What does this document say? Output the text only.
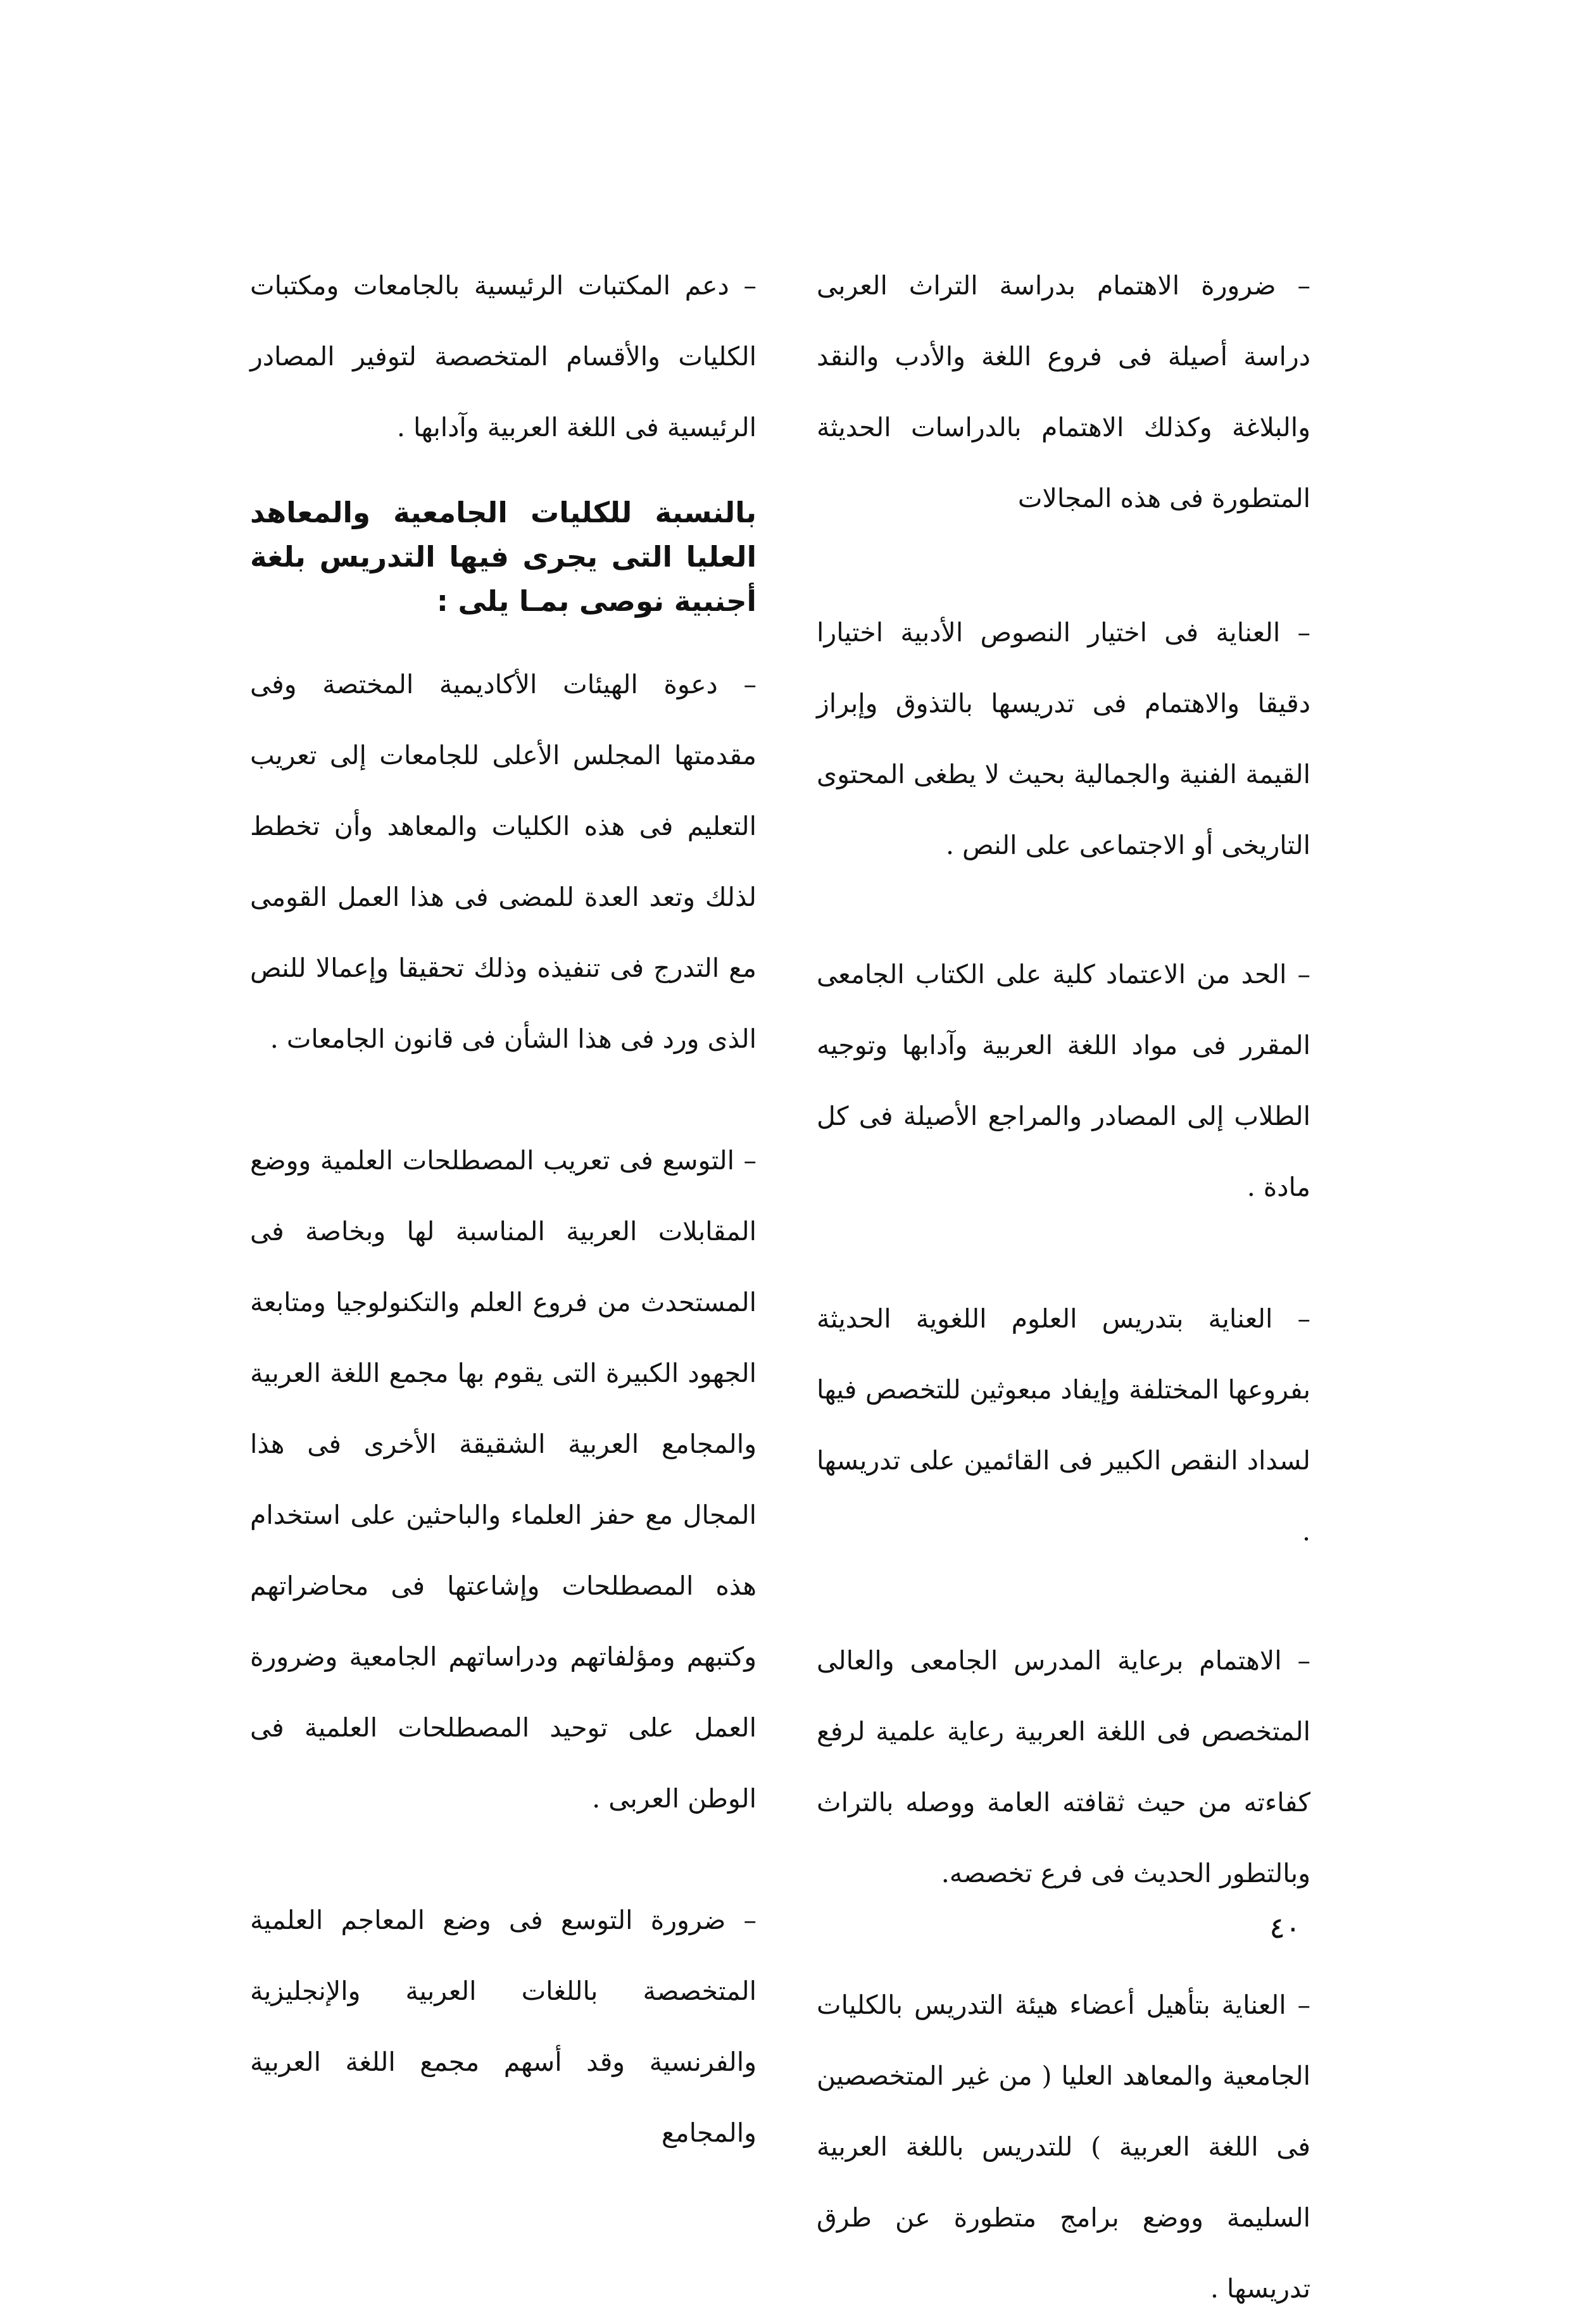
– ضرورة الاهتمام بدراسة التراث العربى دراسة أصيلة فى فروع اللغة والأدب والنقد والبلاغة وكذلك الاهتمام بالدراسات الحديثة المتطورة فى هذه المجالات

– العناية فى اختيار النصوص الأدبية اختيارا دقيقا والاهتمام فى تدريسها بالتذوق وإبراز القيمة الفنية والجمالية بحيث لا يطغى المحتوى التاريخى أو الاجتماعى على النص .

– الحد من الاعتماد كلية على الكتاب الجامعى المقرر فى مواد اللغة العربية وآدابها وتوجيه الطلاب إلى المصادر والمراجع الأصيلة فى كل مادة .

– العناية بتدريس العلوم اللغوية الحديثة بفروعها المختلفة وإيفاد مبعوثين للتخصص فيها لسداد النقص الكبير فى القائمين على تدريسها .

– الاهتمام برعاية المدرس الجامعى والعالى المتخصص فى اللغة العربية رعاية علمية لرفع كفاءته من حيث ثقافته العامة ووصله بالتراث وبالتطور الحديث فى فرع تخصصه.

– العناية بتأهيل أعضاء هيئة التدريس بالكليات الجامعية والمعاهد العليا ( من غير المتخصصين فى اللغة العربية ) للتدريس باللغة العربية السليمة ووضع برامج متطورة عن طرق تدريسها .

– دعم المكتبات الرئيسية بالجامعات ومكتبات الكليات والأقسام المتخصصة لتوفير المصادر الرئيسية فى اللغة العربية وآدابها .

بالنسبة للكليات الجامعية والمعاهد العليا التى يجرى فيها التدريس بلغة أجنبية نوصى بمـا يلى :

– دعوة الهيئات الأكاديمية المختصة وفى مقدمتها المجلس الأعلى للجامعات إلى تعريب التعليم فى هذه الكليات والمعاهد وأن تخطط لذلك وتعد العدة للمضى فى هذا العمل القومى مع التدرج فى تنفيذه وذلك تحقيقا وإعمالا للنص الذى ورد فى هذا الشأن فى قانون الجامعات .

– التوسع فى تعريب المصطلحات العلمية ووضع المقابلات العربية المناسبة لها وبخاصة فى المستحدث من فروع العلم والتكنولوجيا ومتابعة الجهود الكبيرة التى يقوم بها مجمع اللغة العربية والمجامع العربية الشقيقة الأخرى فى هذا المجال مع حفز العلماء والباحثين على استخدام هذه المصطلحات وإشاعتها فى محاضراتهم وكتبهم ومؤلفاتهم ودراساتهم الجامعية وضرورة العمل على توحيد المصطلحات العلمية فى الوطن العربى .

– ضرورة التوسع فى وضع المعاجم العلمية المتخصصة باللغات العربية والإنجليزية والفرنسية وقد أسهم مجمع اللغة العربية والمجامع

٤٠
